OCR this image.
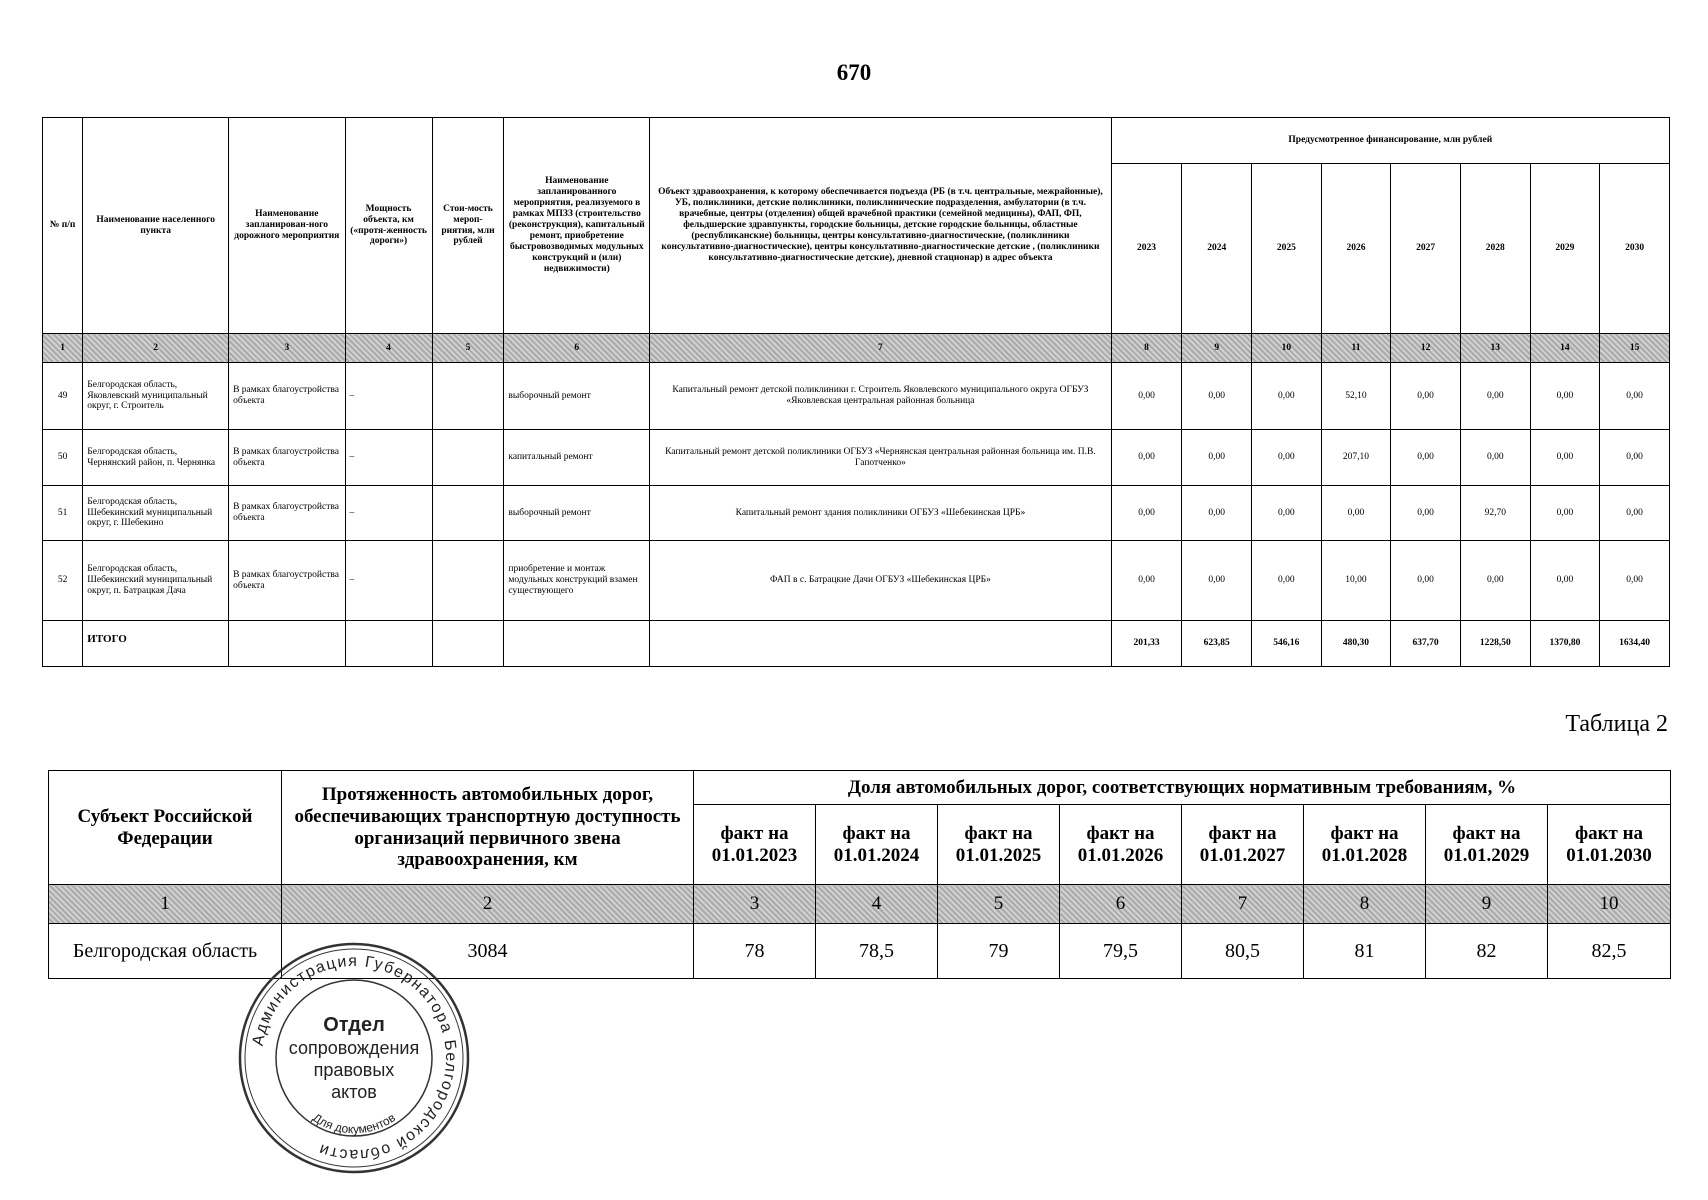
670
№ п/п	Наименование населенного пункта	Наименование запланирован-ного дорожного мероприятия	Мощность объекта, км («протя-женность дороги»)	Стои-мость мероп-риятия, млн рублей	Наименование запланированного мероприятия, реализуемого в рамках МПЗЗ (строительство (реконструкция), капитальный ремонт, приобретение быстровозводимых модульных конструкций и (или) недвижимости)	Объект здравоохранения, к которому обеспечивается подъезда (РБ (в т.ч. центральные, межрайонные), УБ, поликлиники, детские поликлиники, поликлинические подразделения, амбулатории (в т.ч. врачебные, центры (отделения) общей врачебной практики (семейной медицины), ФАП, ФП, фельдшерские здравпункты, городские больницы, детские городские больницы, областные (республиканские) больницы, центры консультативно-диагностические, (поликлиники консультативно-диагностические), центры консультативно-диагностические детские , (поликлиники консультативно-диагностические детские), дневной стационар) в адрес объекта	Предусмотренное финансирование, млн рублей							
							2023	2024	2025	2026	2027	2028	2029	2030
1	2	3	4	5	6	7	8	9	10	11	12	13	14	15
49	Белгородская область, Яковлевский муниципальный округ, г. Строитель	В рамках благоустройства объекта	–		выборочный ремонт	Капитальный ремонт детской поликлиники г. Строитель Яковлевского муниципального округа ОГБУЗ «Яковлевская центральная районная больница	0,00	0,00	0,00	52,10	0,00	0,00	0,00	0,00
50	Белгородская область, Чернянский район, п. Чернянка	В рамках благоустройства объекта	–		капитальный ремонт	Капитальный ремонт детской поликлиники ОГБУЗ «Чернянская центральная районная больница им. П.В. Гапотченко»	0,00	0,00	0,00	207,10	0,00	0,00	0,00	0,00
51	Белгородская область, Шебекинский муниципальный округ, г. Шебекино	В рамках благоустройства объекта	–		выборочный ремонт	Капитальный ремонт здания поликлиники ОГБУЗ «Шебекинская ЦРБ»	0,00	0,00	0,00	0,00	0,00	92,70	0,00	0,00
52	Белгородская область, Шебекинский муниципальный округ, п. Батрацкая Дача	В рамках благоустройства объекта	–		приобретение и монтаж модульных конструкций взамен существующего	ФАП в с. Батрацкие Дачи ОГБУЗ «Шебекинская ЦРБ»	0,00	0,00	0,00	10,00	0,00	0,00	0,00	0,00
	ИТОГО						201,33	623,85	546,16	480,30	637,70	1228,50	1370,80	1634,40
Таблица 2
Субъект Российской Федерации	Протяженность автомобильных дорог, обеспечивающих транспортную доступность организаций первичного звена здравоохранения, км	Доля автомобильных дорог, соответствующих нормативным требованиям, %							
		факт на 01.01.2023	факт на 01.01.2024	факт на 01.01.2025	факт на 01.01.2026	факт на 01.01.2027	факт на 01.01.2028	факт на 01.01.2029	факт на 01.01.2030
1	2	3	4	5	6	7	8	9	10
Белгородская область	3084	78	78,5	79	79,5	80,5	81	82	82,5
Администрация Губернатора Белгородской области
Для документов
Отдел
сопровождения
правовых
актов
